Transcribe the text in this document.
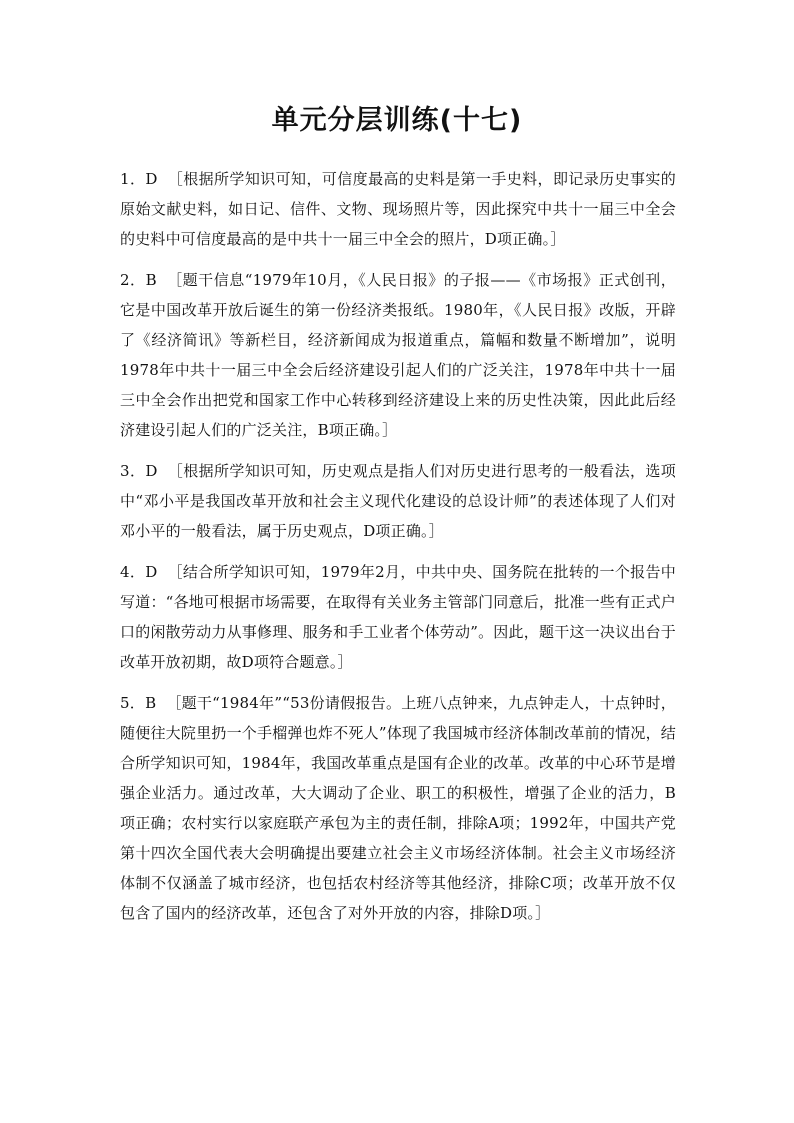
单元分层训练(十七)

1．D ［根据所学知识可知，可信度最高的史料是第一手史料，即记录历史事实的原始文献史料，如日记、信件、文物、现场照片等，因此探究中共十一届三中全会的史料中可信度最高的是中共十一届三中全会的照片，D项正确。］

2．B ［题干信息“1979年10月，《人民日报》的子报——《市场报》正式创刊，它是中国改革开放后诞生的第一份经济类报纸。1980年，《人民日报》改版，开辟了《经济简讯》等新栏目，经济新闻成为报道重点，篇幅和数量不断增加”，说明1978年中共十一届三中全会后经济建设引起人们的广泛关注，1978年中共十一届三中全会作出把党和国家工作中心转移到经济建设上来的历史性决策，因此此后经济建设引起人们的广泛关注，B项正确。］

3．D ［根据所学知识可知，历史观点是指人们对历史进行思考的一般看法，选项中“邓小平是我国改革开放和社会主义现代化建设的总设计师”的表述体现了人们对邓小平的一般看法，属于历史观点，D项正确。］

4．D ［结合所学知识可知，1979年2月，中共中央、国务院在批转的一个报告中写道：“各地可根据市场需要，在取得有关业务主管部门同意后，批准一些有正式户口的闲散劳动力从事修理、服务和手工业者个体劳动”。因此，题干这一决议出台于改革开放初期，故D项符合题意。］

5．B ［题干“1984年”“53份请假报告。上班八点钟来，九点钟走人，十点钟时，随便往大院里扔一个手榴弹也炸不死人”体现了我国城市经济体制改革前的情况，结合所学知识可知，1984年，我国改革重点是国有企业的改革。改革的中心环节是增强企业活力。通过改革，大大调动了企业、职工的积极性，增强了企业的活力，B项正确；农村实行以家庭联产承包为主的责任制，排除A项；1992年，中国共产党第十四次全国代表大会明确提出要建立社会主义市场经济体制。社会主义市场经济体制不仅涵盖了城市经济，也包括农村经济等其他经济，排除C项；改革开放不仅包含了国内的经济改革，还包含了对外开放的内容，排除D项。］
